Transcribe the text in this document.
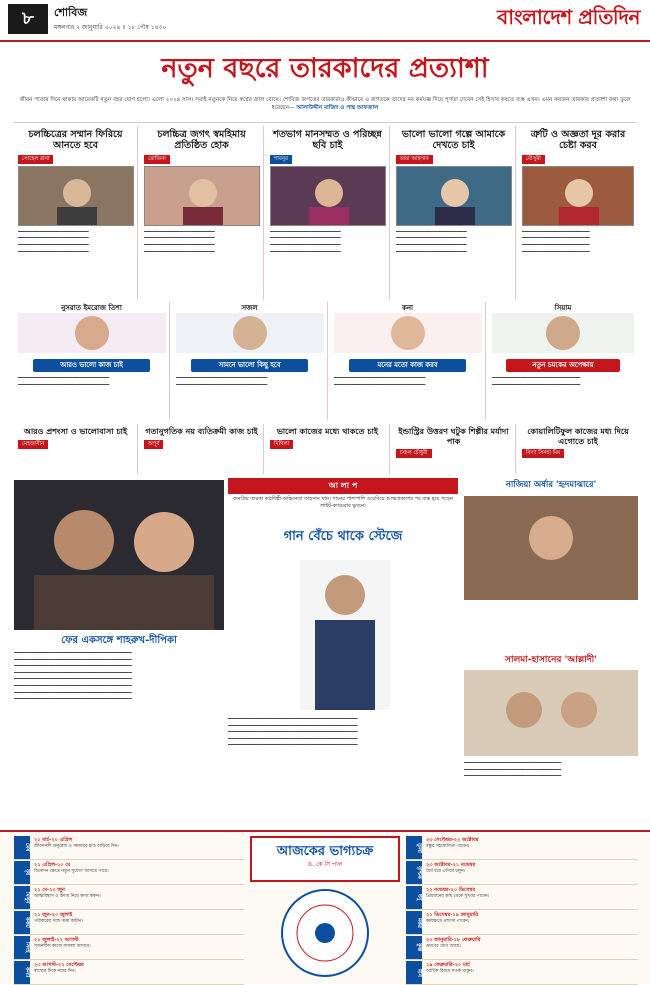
৮	শোবিজ
মঙ্গলবার ২ জানুয়ারি ২০২৪ ॥ ১৮ পৌষ ১৪৩০	বাংলাদেশ প্রতিদিন
নতুন বছরে তারকাদের প্রত্যাশা
জীবন পাতার দিনে থাকায় আরেকটি নতুন বছর যোগ হলো। এলো ২০২৪ সাল। সবাই নতুনকে নিয়ে স্বপ্নের জাল বোনে। শোবিজ জগতের তারকারাও কীভাবে এ জগতকে তাদের নব কর্মযজ্ঞ দিয়ে পূর্ণতা দেবেন সেই হিসাব কষতে ব্যস্ত এখন। এমন কয়জন তারকার প্রত্যাশা কথা তুলে ধরেছেন— আলাউদ্দীন মাজিদ ও পান্থ আফজাল
চলচ্চিত্রের সম্মান ফিরিয়ে আনতে হবে
সোহেল রানা
━━━━━━━━━━━━━━━━━━━━━━━━ ━━━━━━━━━━━━━━━━━━━━━━━━ ━━━━━━━━━━━━━━━━━━━━━━━━ ━━━━━━━━━━━━━━━━━━━━━━━━
চলচ্চিত্র জগৎ স্বমহিমায় প্রতিষ্ঠিত হোক
রোজিনা
━━━━━━━━━━━━━━━━━━━━━━━━ ━━━━━━━━━━━━━━━━━━━━━━━━ ━━━━━━━━━━━━━━━━━━━━━━━━ ━━━━━━━━━━━━━━━━━━━━━━━━
শতভাগ মানসম্মত ও পরিচ্ছন্ন ছবি চাই
শাবনূর
━━━━━━━━━━━━━━━━━━━━━━━━ ━━━━━━━━━━━━━━━━━━━━━━━━ ━━━━━━━━━━━━━━━━━━━━━━━━ ━━━━━━━━━━━━━━━━━━━━━━━━
ভালো ভালো গল্পে আমাকে দেখতে চাই
জয়া আহসান
━━━━━━━━━━━━━━━━━━━━━━━━ ━━━━━━━━━━━━━━━━━━━━━━━━ ━━━━━━━━━━━━━━━━━━━━━━━━ ━━━━━━━━━━━━━━━━━━━━━━━━
ত্রুটি ও অজ্ঞতা দূর করার চেষ্টা করব
মৌসুমী
━━━━━━━━━━━━━━━━━━━━━━━ ━━━━━━━━━━━━━━━━━━━━━━━ ━━━━━━━━━━━━━━━━━━━━━━━ ━━━━━━━━━━━━━━━━━━━━━━━
নুসরাত ইমরোজ তিশা
আরও ভালো কাজ চাই
━━━━━━━━━━━━━━━━━━━━━━━━━━━━━━━ ━━━━━━━━━━━━━━━━━━━━━━━━━━━━━━━
সজল
সামনে ভালো কিছু হবে
━━━━━━━━━━━━━━━━━━━━━━━━━━━━━━━ ━━━━━━━━━━━━━━━━━━━━━━━━━━━━━━━
কনা
মনের মতো কাজ করব
━━━━━━━━━━━━━━━━━━━━━━━━━━━━━━━ ━━━━━━━━━━━━━━━━━━━━━━━━━━━━━━━
সিয়াম
নতুন চমকের অপেক্ষায়
━━━━━━━━━━━━━━━━━━━━━━━━━━━━━━ ━━━━━━━━━━━━━━━━━━━━━━━━━━━━━━
আরও প্রশংসা ও ভালোবাসা চাই
মেহজাবীন
গতানুগতিক নয় ব্যতিক্রমী কাজ চাই
অপূর্ব
ভালো কাজের মধ্যে থাকতে চাই
মিথিলা
ইন্ডাস্ট্রির উত্তরণ ঘটুক শিল্পীর মর্যাদা পাক
চঞ্চল চৌধুরী
কোয়ালিটিফুল কাজের মধ্য দিয়ে এগোতে চাই
বিদ্যা সিনহা মিম
ফের একসঙ্গে শাহরুখ-দীপিকা
━━━━━━━━━━━━━━━━━━━━━━━━━━━━━━━━━━━━━━━━ ━━━━━━━━━━━━━━━━━━━━━━━━━━━━━━━━━━━━━━━━ ━━━━━━━━━━━━━━━━━━━━━━━━━━━━━━━━━━━━━━━━ ━━━━━━━━━━━━━━━━━━━━━━━━━━━━━━━━━━━━━━━━ ━━━━━━━━━━━━━━━━━━━━━━━━━━━━━━━━━━━━━━━━ ━━━━━━━━━━━━━━━━━━━━━━━━━━━━━━━━━━━━━━━━ ━━━━━━━━━━━━━━━━━━━━━━━━━━━━━━━━━━━━━━━━ ━━━━━━━━━━━━━━━━━━━━━━━━━━━━━━━━━━━━━━━━
আ লা প
জনপ্রিয় তারকা কণ্ঠশিল্পী-অভিনেতা তাহসান খান। গানের পাশাপাশি ওয়েবিয়ে আত্মপ্রকাশের পর ব্যস্ত হয়ে পড়েন লাইট-ক্যামেরার ভুবনে।
গান বেঁচে থাকে স্টেজে
━━━━━━━━━━━━━━━━━━━━━━━━━━━━━━━━━━━━━━━━━━━━ ━━━━━━━━━━━━━━━━━━━━━━━━━━━━━━━━━━━━━━━━━━━━ ━━━━━━━━━━━━━━━━━━━━━━━━━━━━━━━━━━━━━━━━━━━━ ━━━━━━━━━━━━━━━━━━━━━━━━━━━━━━━━━━━━━━━━━━━━ ━━━━━━━━━━━━━━━━━━━━━━━━━━━━━━━━━━━━━━━━━━━━
নাজিয়া অর্ষার 'হৃদমাঝারে'
সালমা-হাসানের 'আল্লাদী'
━━━━━━━━━━━━━━━━━━━━━━━━━━━━━━━━━ ━━━━━━━━━━━━━━━━━━━━━━━━━━━━━━━━━ ━━━━━━━━━━━━━━━━━━━━━━━━━━━━━━━━━
আজকের ভাগ্যচক্র
ড. কে সি পাল
মেষ
২১ মার্চ-২০ এপ্রিল
জীবনসঙ্গী অনুরোধ ও সমন্বয়ের হাত বাড়িয়ে দিন।
বৃষ
২১ এপ্রিল-২০ মে
বিনোদন ক্ষেত্রে নতুন সুযোগ আসতে পারে।
মিথুন
২১ মে-২০ জুন
আত্মবিশ্বাস ও উদ্যম নিয়ে কাজ করুন।
কর্কট
২১ জুন-২০ জুলাই
পরিবারের সঙ্গে সময় কাটান।
সিংহ
২১ জুলাই-২২ আগস্ট
সৃজনশীল কাজে সাফল্য আসবে।
কন্যা
২৩ আগস্ট-২২ সেপ্টেম্বর
স্বাস্থ্যের দিকে নজর দিন।
তুলা
২৩ সেপ্টেম্বর-২২ অক্টোবর
বন্ধুর সহযোগিতা পাবেন।
বৃশ্চিক
২৩ অক্টোবর-২১ নভেম্বর
ধৈর্য ধরে এগিয়ে চলুন।
ধনু
২২ নভেম্বর-২০ ডিসেম্বর
প্রিয়জনের কাছ থেকে সুখবর পাবেন।
মকর
২১ ডিসেম্বর-১৯ জানুয়ারি
কর্মক্ষেত্রে প্রশংসা পাবেন।
কুম্ভ
২০ জানুয়ারি-১৮ ফেব্রুয়ারি
ভ্রমণের যোগ আছে।
মীন
১৯ ফেব্রুয়ারি-২০ মার্চ
আর্থিক বিষয়ে সতর্ক থাকুন।
